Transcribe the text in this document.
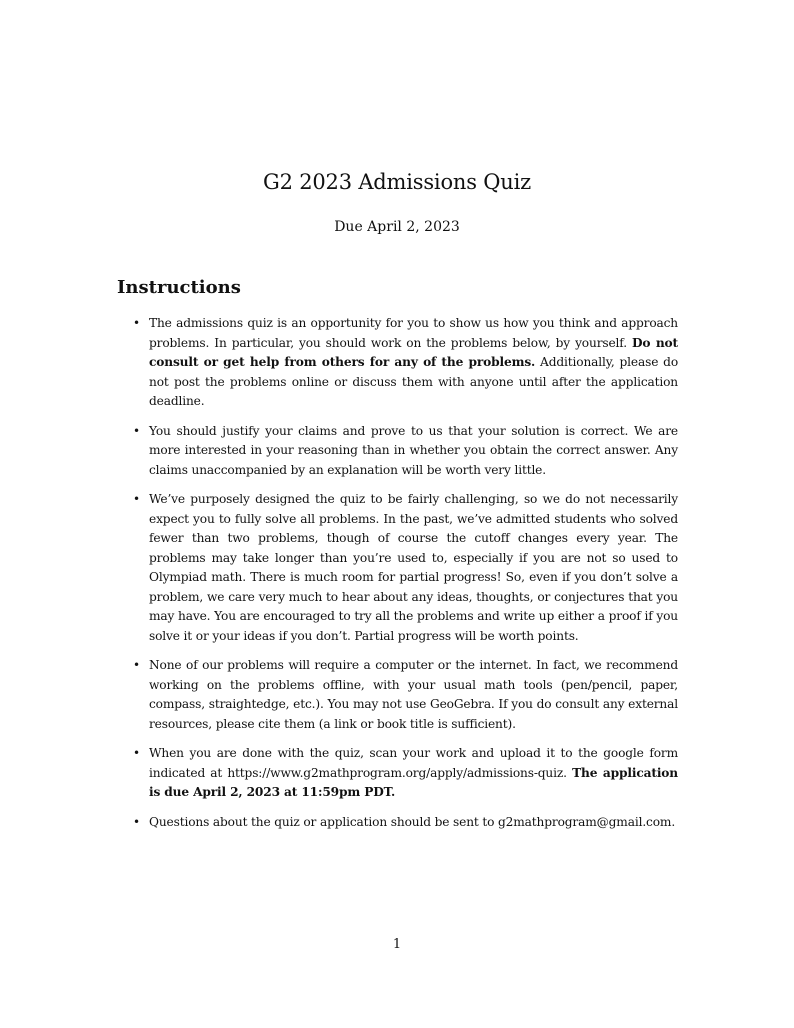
G2 2023 Admissions Quiz
Due April 2, 2023
Instructions
• The admissions quiz is an opportunity for you to show us how you think and approach problems. In particular, you should work on the problems below, by yourself. Do not consult or get help from others for any of the problems. Additionally, please do not post the problems online or discuss them with anyone until after the application deadline.
• You should justify your claims and prove to us that your solution is correct. We are more interested in your reasoning than in whether you obtain the correct answer. Any claims unaccompanied by an explanation will be worth very little.
• We’ve purposely designed the quiz to be fairly challenging, so we do not necessarily expect you to fully solve all problems. In the past, we’ve admitted students who solved fewer than two problems, though of course the cutoff changes every year. The problems may take longer than you’re used to, especially if you are not so used to Olympiad math. There is much room for partial progress! So, even if you don’t solve a problem, we care very much to hear about any ideas, thoughts, or conjectures that you may have. You are encouraged to try all the problems and write up either a proof if you solve it or your ideas if you don’t. Partial progress will be worth points.
• None of our problems will require a computer or the internet. In fact, we recommend working on the problems offline, with your usual math tools (pen/pencil, paper, compass, straightedge, etc.). You may not use GeoGebra. If you do consult any external resources, please cite them (a link or book title is sufficient).
• When you are done with the quiz, scan your work and upload it to the google form indicated at https://www.g2mathprogram.org/apply/admissions-quiz. The application is due April 2, 2023 at 11:59pm PDT.
• Questions about the quiz or application should be sent to g2mathprogram@gmail.com.
1
